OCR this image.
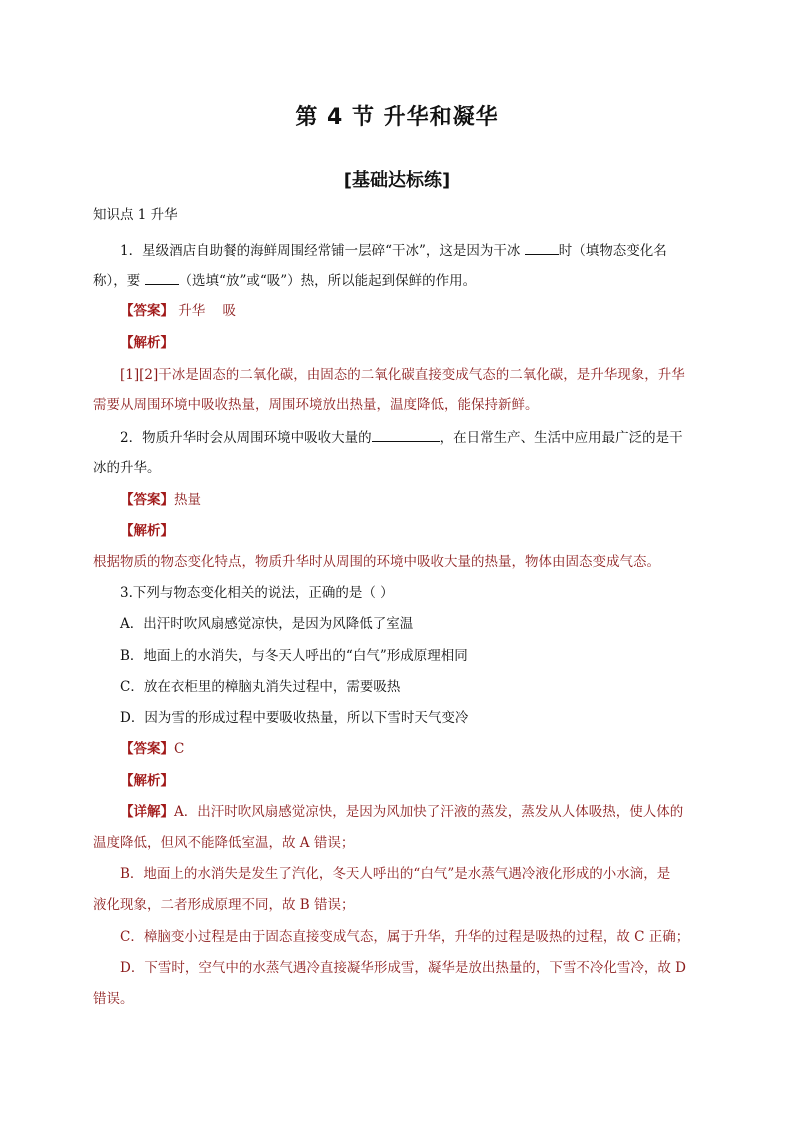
第 4 节 升华和凝华
[基础达标练]
知识点 1 升华
1．星级酒店自助餐的海鲜周围经常铺一层碎“干冰”，这是因为干冰	时（填物态变化名
称），要	（选填“放”或“吸”）热，所以能起到保鲜的作用。
【答案】 升华    吸
【解析】
[1][2]干冰是固态的二氧化碳，由固态的二氧化碳直接变成气态的二氧化碳，是升华现象，升华
需要从周围环境中吸收热量，周围环境放出热量，温度降低，能保持新鲜。
2．物质升华时会从周围环境中吸收大量的	，在日常生产、生活中应用最广泛的是干
冰的升华。
【答案】热量
【解析】
根据物质的物态变化特点，物质升华时从周围的环境中吸收大量的热量，物体由固态变成气态。
3.下列与物态变化相关的说法，正确的是（ ）
A．出汗时吹风扇感觉凉快，是因为风降低了室温
B．地面上的水消失，与冬天人呼出的“白气”形成原理相同
C．放在衣柜里的樟脑丸消失过程中，需要吸热
D．因为雪的形成过程中要吸收热量，所以下雪时天气变冷
【答案】C
【解析】
【详解】A．出汗时吹风扇感觉凉快，是因为风加快了汗液的蒸发，蒸发从人体吸热，使人体的
温度降低，但风不能降低室温，故 A 错误；
B．地面上的水消失是发生了汽化，冬天人呼出的“白气”是水蒸气遇冷液化形成的小水滴，是
液化现象，二者形成原理不同，故 B 错误；
C．樟脑变小过程是由于固态直接变成气态，属于升华，升华的过程是吸热的过程，故 C 正确；
D．下雪时，空气中的水蒸气遇冷直接凝华形成雪，凝华是放出热量的，下雪不冷化雪冷，故 D
错误。
